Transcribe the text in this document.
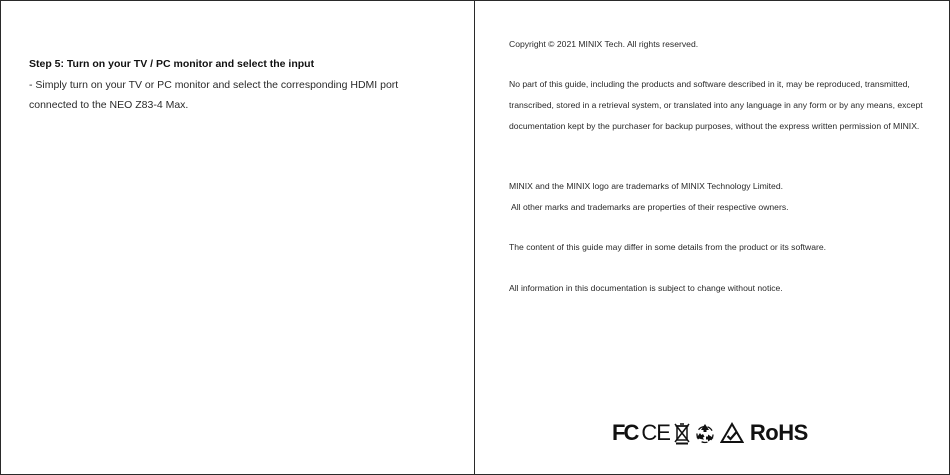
Step 5: Turn on your TV / PC monitor and select the input
- Simply turn on your TV or PC monitor and select the corresponding HDMI port connected to the NEO Z83-4 Max.

Copyright © 2021 MINIX Tech. All rights reserved.

No part of this guide, including the products and software described in it, may be reproduced, transmitted, transcribed, stored in a retrieval system, or translated into any language in any form or by any means, except documentation kept by the purchaser for backup purposes, without the express written permission of MINIX.

MINIX and the MINIX logo are trademarks of MINIX Technology Limited.

All other marks and trademarks are properties of their respective owners.

The content of this guide may differ in some details from the product or its software.

All information in this documentation is subject to change without notice.

FC CE	RoHS
